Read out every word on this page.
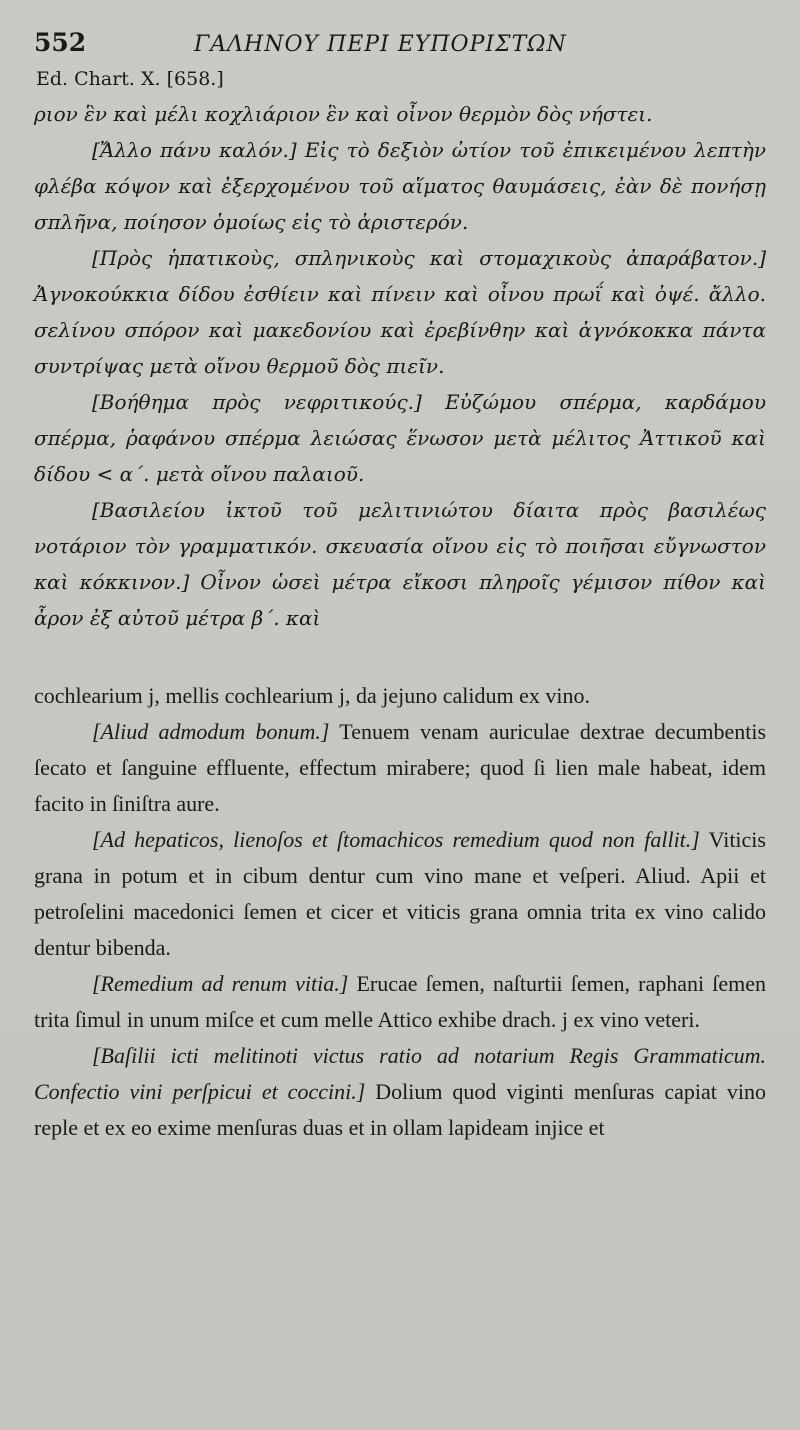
552	ΓΑΛΗΝΟΥ ΠΕΡΙ ΕΥΠΟΡΙΣΤΩΝ
Ed. Chart. X. [658.]

ριον ἓν καὶ μέλι κοχλιάριον ἓν καὶ οἶνον θερμὸν δὸς νήστει.

[Ἄλλο πάνυ καλόν.] Εἰς τὸ δεξιὸν ὠτίον τοῦ ἐπικειμένου λεπτὴν φλέβα κόψον καὶ ἐξερχομένου τοῦ αἵματος θαυμάσεις, ἐὰν δὲ πονήσῃ σπλῆνα, ποίησον ὁμοίως εἰς τὸ ἀριστερόν.

[Πρὸς ἡπατικοὺς, σπληνικοὺς καὶ στομαχικοὺς ἀπαράβατον.] Ἀγνοκούκκια δίδου ἐσθίειν καὶ πίνειν καὶ οἶνου πρωΐ καὶ ὀψέ. ἄλλο. σελίνου σπόρον καὶ μακεδονίου καὶ ἐρεβίνθην καὶ ἀγνόκοκκα πάντα συντρίψας μετὰ οἴνου θερμοῦ δὸς πιεῖν.

[Βοήθημα πρὸς νεφριτικούς.] Εὐζώμου σπέρμα, καρδάμου σπέρμα, ῥαφάνου σπέρμα λειώσας ἕνωσον μετὰ μέλιτος Ἀττικοῦ καὶ δίδου < α΄. μετὰ οἴνου παλαιοῦ.

[Βασιλείου ἰκτοῦ τοῦ μελιτινιώτου δίαιτα πρὸς βασιλέως νοτάριον τὸν γραμματικόν. σκευασία οἴνου εἰς τὸ ποιῆσαι εὔγνωστον καὶ κόκκινον.] Οἶνον ὡσεὶ μέτρα εἴκοσι πληροῖς γέμισον πίθον καὶ ἆρον ἐξ αὐτοῦ μέτρα β΄. καὶ

cochlearium j, mellis cochlearium j, da jejuno calidum ex vino.

[Aliud admodum bonum.] Tenuem venam auriculae dextrae decumbentis ſecato et ſanguine effluente, effectum mirabere; quod ſi lien male habeat, idem facito in ſiniſtra aure.

[Ad hepaticos, lienoſos et ſtomachicos remedium quod non fallit.] Viticis grana in potum et in cibum dentur cum vino mane et veſperi. Aliud. Apii et petroſelini macedonici ſemen et cicer et viticis grana omnia trita ex vino calido dentur bibenda.

[Remedium ad renum vitia.] Erucae ſemen, naſturtii ſemen, raphani ſemen trita ſimul in unum miſce et cum melle Attico exhibe drach. j ex vino veteri.

[Baſilii icti melitinoti victus ratio ad notarium Regis Grammaticum. Confectio vini perſpicui et coccini.] Dolium quod viginti menſuras capiat vino reple et ex eo exime menſuras duas et in ollam lapideam injice et
